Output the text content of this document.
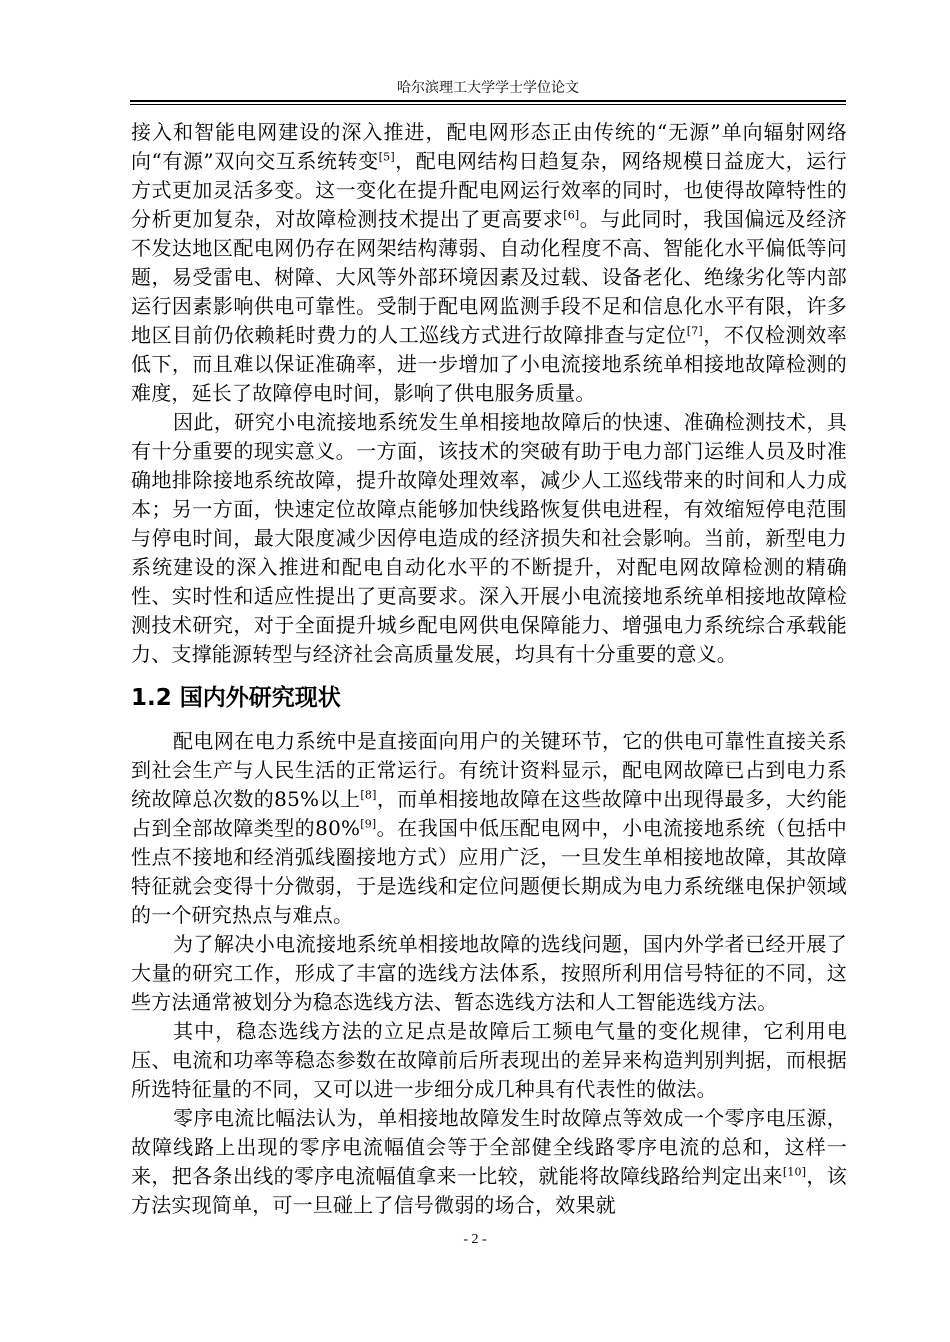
哈尔滨理工大学学士学位论文

接入和智能电网建设的深入推进，配电网形态正由传统的“无源”单向辐射网络向“有源”双向交互系统转变[5]，配电网结构日趋复杂，网络规模日益庞大，运行方式更加灵活多变。这一变化在提升配电网运行效率的同时，也使得故障特性的分析更加复杂，对故障检测技术提出了更高要求[6]。与此同时，我国偏远及经济不发达地区配电网仍存在网架结构薄弱、自动化程度不高、智能化水平偏低等问题，易受雷电、树障、大风等外部环境因素及过载、设备老化、绝缘劣化等内部运行因素影响供电可靠性。受制于配电网监测手段不足和信息化水平有限，许多地区目前仍依赖耗时费力的人工巡线方式进行故障排查与定位[7]，不仅检测效率低下，而且难以保证准确率，进一步增加了小电流接地系统单相接地故障检测的难度，延长了故障停电时间，影响了供电服务质量。

因此，研究小电流接地系统发生单相接地故障后的快速、准确检测技术，具有十分重要的现实意义。一方面，该技术的突破有助于电力部门运维人员及时准确地排除接地系统故障，提升故障处理效率，减少人工巡线带来的时间和人力成本；另一方面，快速定位故障点能够加快线路恢复供电进程，有效缩短停电范围与停电时间，最大限度减少因停电造成的经济损失和社会影响。当前，新型电力系统建设的深入推进和配电自动化水平的不断提升，对配电网故障检测的精确性、实时性和适应性提出了更高要求。深入开展小电流接地系统单相接地故障检测技术研究，对于全面提升城乡配电网供电保障能力、增强电力系统综合承载能力、支撑能源转型与经济社会高质量发展，均具有十分重要的意义。

1.2 国内外研究现状

配电网在电力系统中是直接面向用户的关键环节，它的供电可靠性直接关系到社会生产与人民生活的正常运行。有统计资料显示，配电网故障已占到电力系统故障总次数的85%以上[8]，而单相接地故障在这些故障中出现得最多，大约能占到全部故障类型的80%[9]。在我国中低压配电网中，小电流接地系统（包括中性点不接地和经消弧线圈接地方式）应用广泛，一旦发生单相接地故障，其故障特征就会变得十分微弱，于是选线和定位问题便长期成为电力系统继电保护领域的一个研究热点与难点。

为了解决小电流接地系统单相接地故障的选线问题，国内外学者已经开展了大量的研究工作，形成了丰富的选线方法体系，按照所利用信号特征的不同，这些方法通常被划分为稳态选线方法、暂态选线方法和人工智能选线方法。

其中，稳态选线方法的立足点是故障后工频电气量的变化规律，它利用电压、电流和功率等稳态参数在故障前后所表现出的差异来构造判别判据，而根据所选特征量的不同，又可以进一步细分成几种具有代表性的做法。

零序电流比幅法认为，单相接地故障发生时故障点等效成一个零序电压源，故障线路上出现的零序电流幅值会等于全部健全线路零序电流的总和，这样一来，把各条出线的零序电流幅值拿来一比较，就能将故障线路给判定出来[10]，该方法实现简单，可一旦碰上了信号微弱的场合，效果就

- 2 -
